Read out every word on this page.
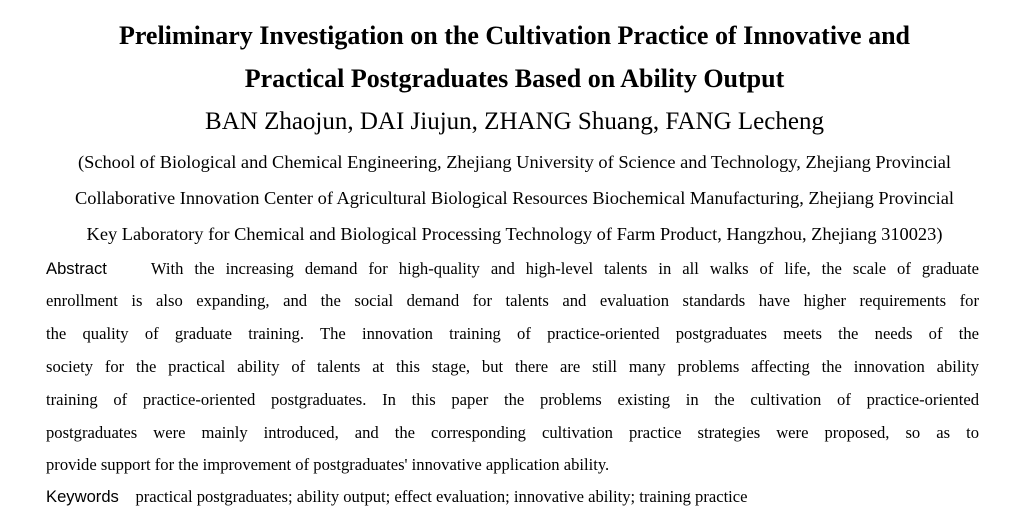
Preliminary Investigation on the Cultivation Practice of Innovative and
Practical Postgraduates Based on Ability Output

BAN Zhaojun, DAI Jiujun, ZHANG Shuang, FANG Lecheng

(School of Biological and Chemical Engineering, Zhejiang University of Science and Technology, Zhejiang Provincial

Collaborative Innovation Center of Agricultural Biological Resources Biochemical Manufacturing, Zhejiang Provincial

Key Laboratory for Chemical and Biological Processing Technology of Farm Product, Hangzhou, Zhejiang 310023)

Abstract	With the increasing demand for high-quality and high-level talents in all walks of life, the scale of graduate

enrollment is also expanding, and the social demand for talents and evaluation standards have higher requirements for

the quality of graduate training. The innovation training of practice-oriented postgraduates meets the needs of the

society for the practical ability of talents at this stage, but there are still many problems affecting the innovation ability

training of practice-oriented postgraduates. In this paper the problems existing in the cultivation of practice-oriented

postgraduates were mainly introduced, and the corresponding cultivation practice strategies were proposed, so as to

provide support for the improvement of postgraduates' innovative application ability.

Keywords practical postgraduates; ability output; effect evaluation; innovative ability; training practice
